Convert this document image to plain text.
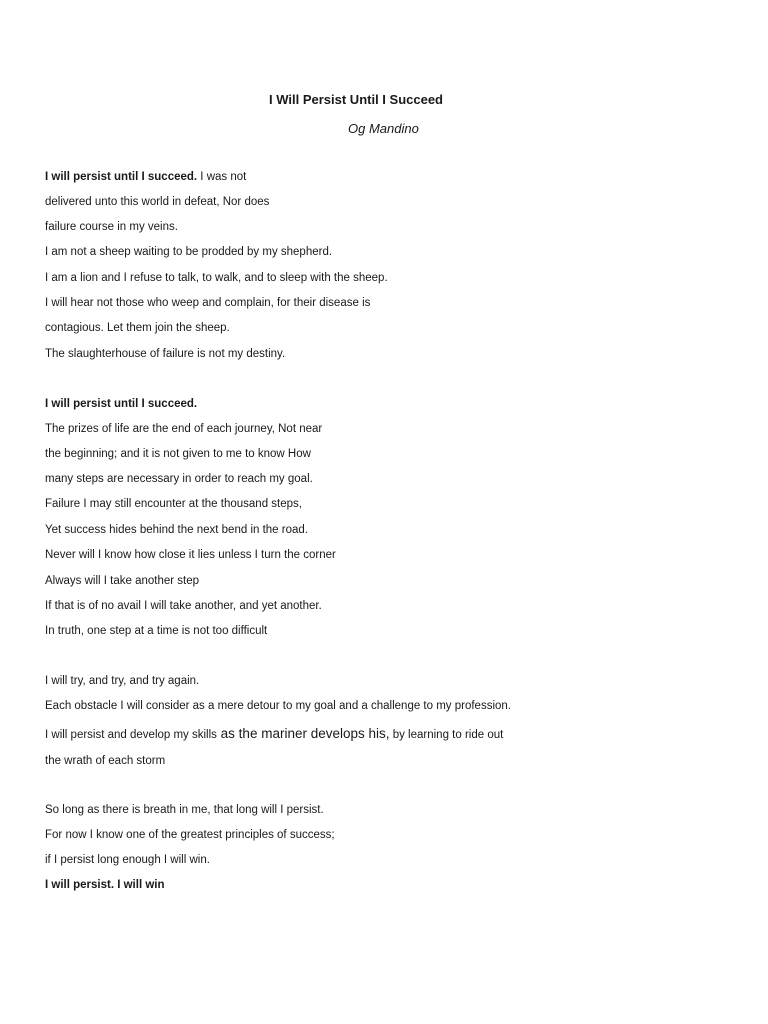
I Will Persist Until I Succeed
Og Mandino

I will persist until I succeed. I was not

delivered unto this world in defeat, Nor does

failure course in my veins.

I am not a sheep waiting to be prodded by my shepherd.

I am a lion and I refuse to talk, to walk, and to sleep with the sheep.

I will hear not those who weep and complain, for their disease is

contagious. Let them join the sheep.

The slaughterhouse of failure is not my destiny.

I will persist until I succeed.

The prizes of life are the end of each journey, Not near

the beginning; and it is not given to me to know How

many steps are necessary in order to reach my goal.

Failure I may still encounter at the thousand steps,

Yet success hides behind the next bend in the road.

Never will I know how close it lies unless I turn the corner

Always will I take another step

If that is of no avail I will take another, and yet another.

In truth, one step at a time is not too difficult

I will try, and try, and try again.

Each obstacle I will consider as a mere detour to my goal and a challenge to my profession.

I will persist and develop my skills as the mariner develops his, by learning to ride out

the wrath of each storm

So long as there is breath in me, that long will I persist.

For now I know one of the greatest principles of success;

if I persist long enough I will win.

I will persist. I will win
